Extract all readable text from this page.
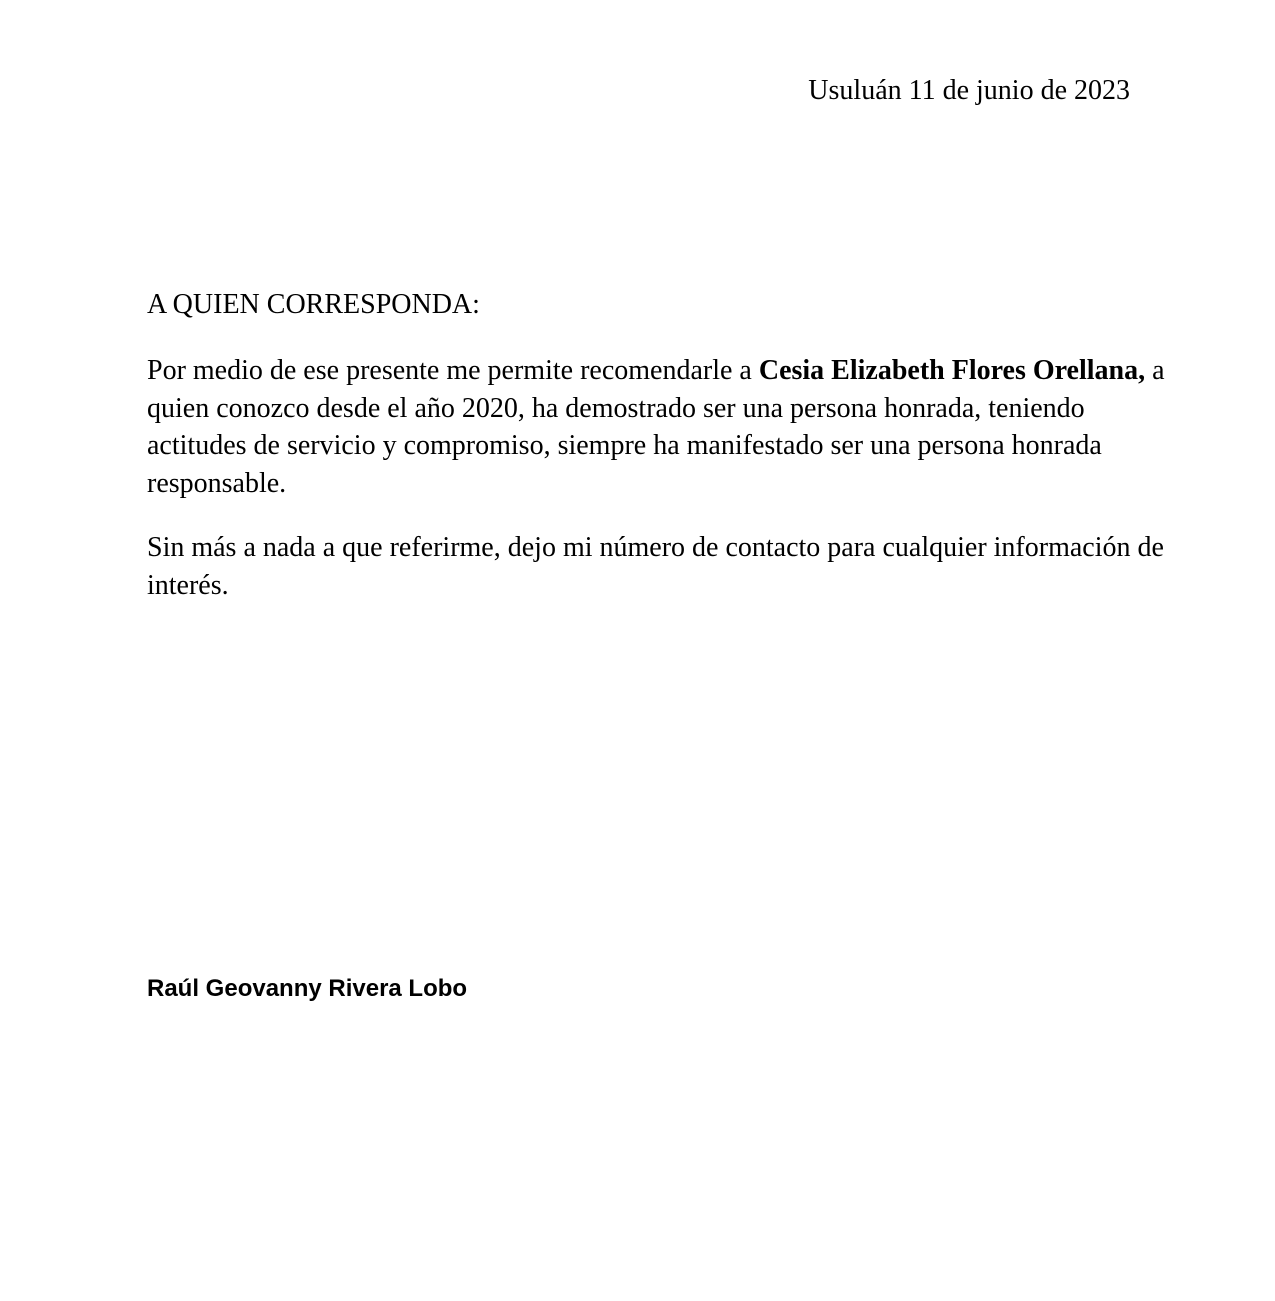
Usuluán 11 de junio de 2023
A QUIEN CORRESPONDA:

Por medio de ese presente me permite recomendarle a Cesia Elizabeth Flores Orellana, a quien conozco desde el año 2020, ha demostrado ser una persona honrada, teniendo actitudes de servicio y compromiso, siempre ha manifestado ser una persona honrada responsable.

Sin más a nada a que referirme, dejo mi número de contacto para cualquier información de interés.

Raúl Geovanny Rivera Lobo
